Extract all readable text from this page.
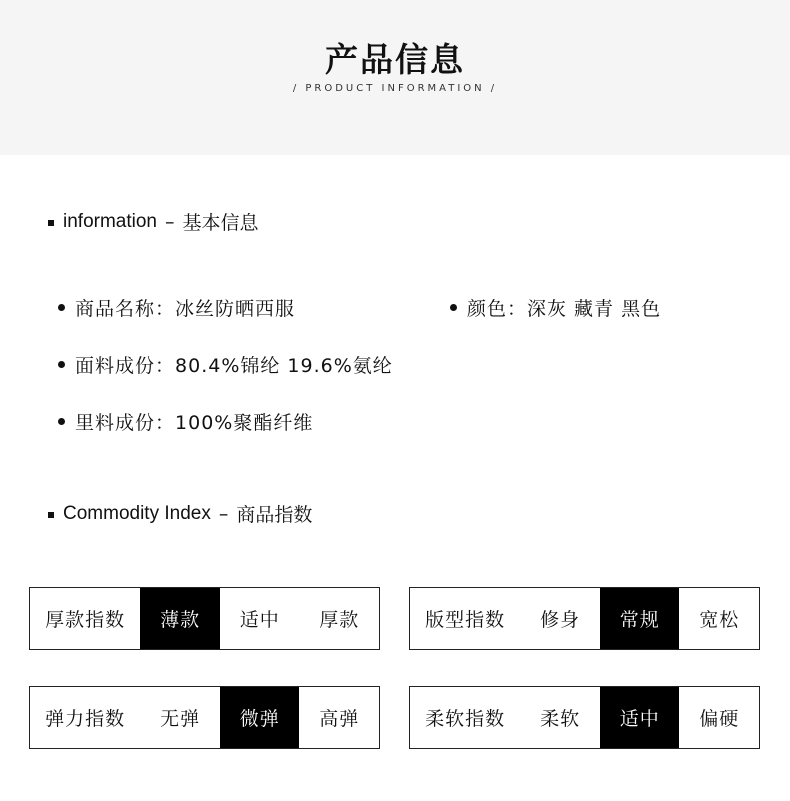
产品信息
/ PRODUCT INFORMATION /
information – 基本信息
商品名称： 冰丝防晒西服	颜色： 深灰 藏青 黑色
面料成份： 80.4%锦纶 19.6%氨纶
里料成份： 100%聚酯纤维
Commodity Index – 商品指数
厚款指数	薄款	适中	厚款	版型指数	修身	常规	宽松
弹力指数	无弹	微弹	高弹	柔软指数	柔软	适中	偏硬
